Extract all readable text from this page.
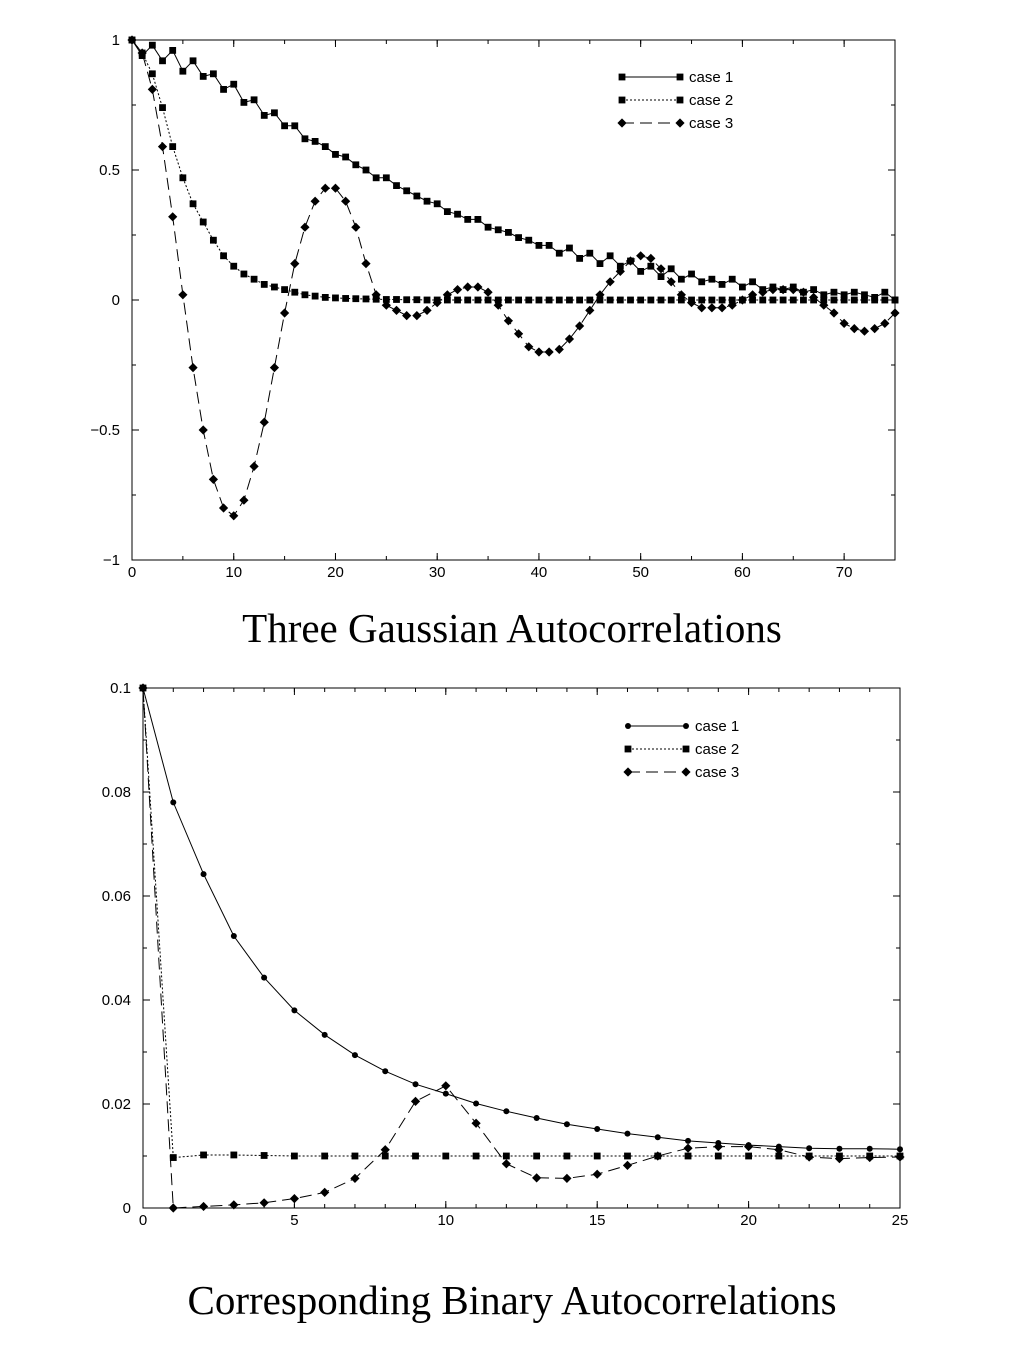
0	10	20	30	40	50	60	70
1
0.5
0
−0.5
−1
case 1
case 2
case 3
Three Gaussian Autocorrelations
0	5	10	15	20	25
0.1
0.08
0.06
0.04
0.02
0
case 1
case 2
case 3
Corresponding Binary Autocorrelations
